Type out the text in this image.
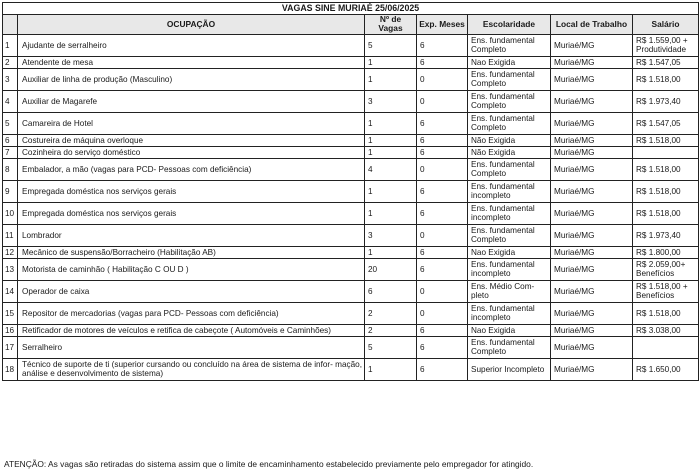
VAGAS SINE MURIAÉ 25/06/2025						
	OCUPAÇÃO	Nº de Vagas	Exp. Meses	Escolaridade	Local de Trabalho	Salário
1	Ajudante de serralheiro	5	6	Ens. fundamental Completo	Muriaé/MG	R$ 1.559,00 + Produtividade
2	Atendente de mesa	1	6	Nao Exigida	Muriaé/MG	R$ 1.547,05
3	Auxiliar de linha de produção (Masculino)	1	0	Ens. fundamental Completo	Muriaé/MG	R$ 1.518,00
4	Auxiliar de Magarefe	3	0	Ens. fundamental Completo	Muriaé/MG	R$ 1.973,40
5	Camareira de Hotel	1	6	Ens. fundamental Completo	Muriaé/MG	R$ 1.547,05
6	Costureira de máquina overloque	1	6	Não Exigida	Muriaé/MG	R$ 1.518,00
7	Cozinheira do serviço doméstico	1	6	Não Exigida	Muriaé/MG	
8	Embalador, a mão (vagas para PCD- Pessoas com deficiência)	4	0	Ens. fundamental Completo	Muriaé/MG	R$ 1.518,00
9	Empregada doméstica nos serviços gerais	1	6	Ens. fundamental incompleto	Muriaé/MG	R$ 1.518,00
10	Empregada doméstica nos serviços gerais	1	6	Ens. fundamental incompleto	Muriaé/MG	R$ 1.518,00
11	Lombrador	3	0	Ens. fundamental Completo	Muriaé/MG	R$ 1.973,40
12	Mecânico de suspensão/Borracheiro (Habilitação AB)	1	6	Nao Exigida	Muriaé/MG	R$ 1.800,00
13	Motorista de caminhão ( Habilitação C OU D )	20	6	Ens. fundamental incompleto	Muriaé/MG	R$ 2.059,00+ Benefícios
14	Operador de caixa	6	0	Ens. Médio Com- pleto	Muriaé/MG	R$ 1.518,00 + Benefícios
15	Repositor de mercadorias (vagas para PCD- Pessoas com deficiência)	2	0	Ens. fundamental incompleto	Muriaé/MG	R$ 1.518,00
16	Retificador de motores de veículos e retifica de cabeçote ( Automóveis e Caminhões)	2	6	Nao Exigida	Muriaé/MG	R$ 3.038,00
17	Serralheiro	5	6	Ens. fundamental Completo	Muriaé/MG	
18	Técnico de suporte de ti (superior cursando ou concluído na área de sistema de infor- mação, análise e desenvolvimento de sistema)	1	6	Superior Incompleto	Muriaé/MG	R$ 1.650,00
ATENÇÃO: As vagas são retiradas do sistema assim que o limite de encaminhamento estabelecido previamente pelo empregador for atingido.
